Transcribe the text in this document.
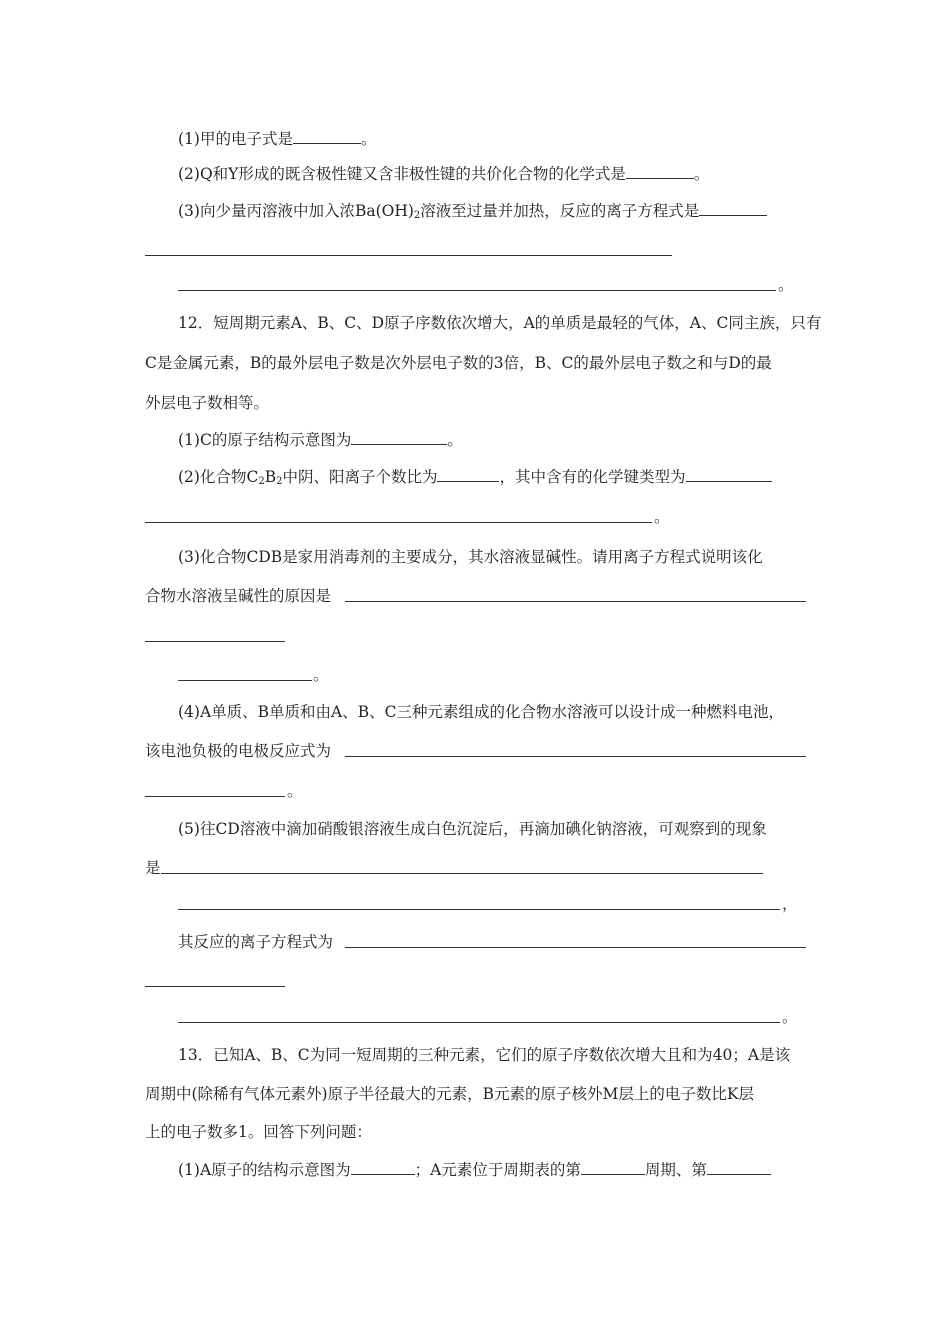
(1)甲的电子式是	。
(2)Q和Y形成的既含极性键又含非极性键的共价化合物的化学式是	。
(3)向少量丙溶液中加入浓$Ba(OH)_2$溶液至过量并加热，反应的离子方程式是
。
12．短周期元素A、B、C、D原子序数依次增大，A的单质是最轻的气体，A、C同主族，只有
C是金属元素，B的最外层电子数是次外层电子数的3倍，B、C的最外层电子数之和与D的最
外层电子数相等。
(1)C的原子结构示意图为	。
(2)化合物$C_2B_2$中阴、阳离子个数比为	，其中含有的化学键类型为
。
(3)化合物CDB是家用消毒剂的主要成分，其水溶液显碱性。请用离子方程式说明该化
合物水溶液呈碱性的原因是
。
(4)A单质、B单质和由A、B、C三种元素组成的化合物水溶液可以设计成一种燃料电池，
该电池负极的电极反应式为
。
(5)往CD溶液中滴加硝酸银溶液生成白色沉淀后，再滴加碘化钠溶液，可观察到的现象
是
，
其反应的离子方程式为
。
13．已知A、B、C为同一短周期的三种元素，它们的原子序数依次增大且和为40；A是该
周期中(除稀有气体元素外)原子半径最大的元素，B元素的原子核外M层上的电子数比K层
上的电子数多1。回答下列问题：
(1)A原子的结构示意图为	；A元素位于周期表的第	周期、第
